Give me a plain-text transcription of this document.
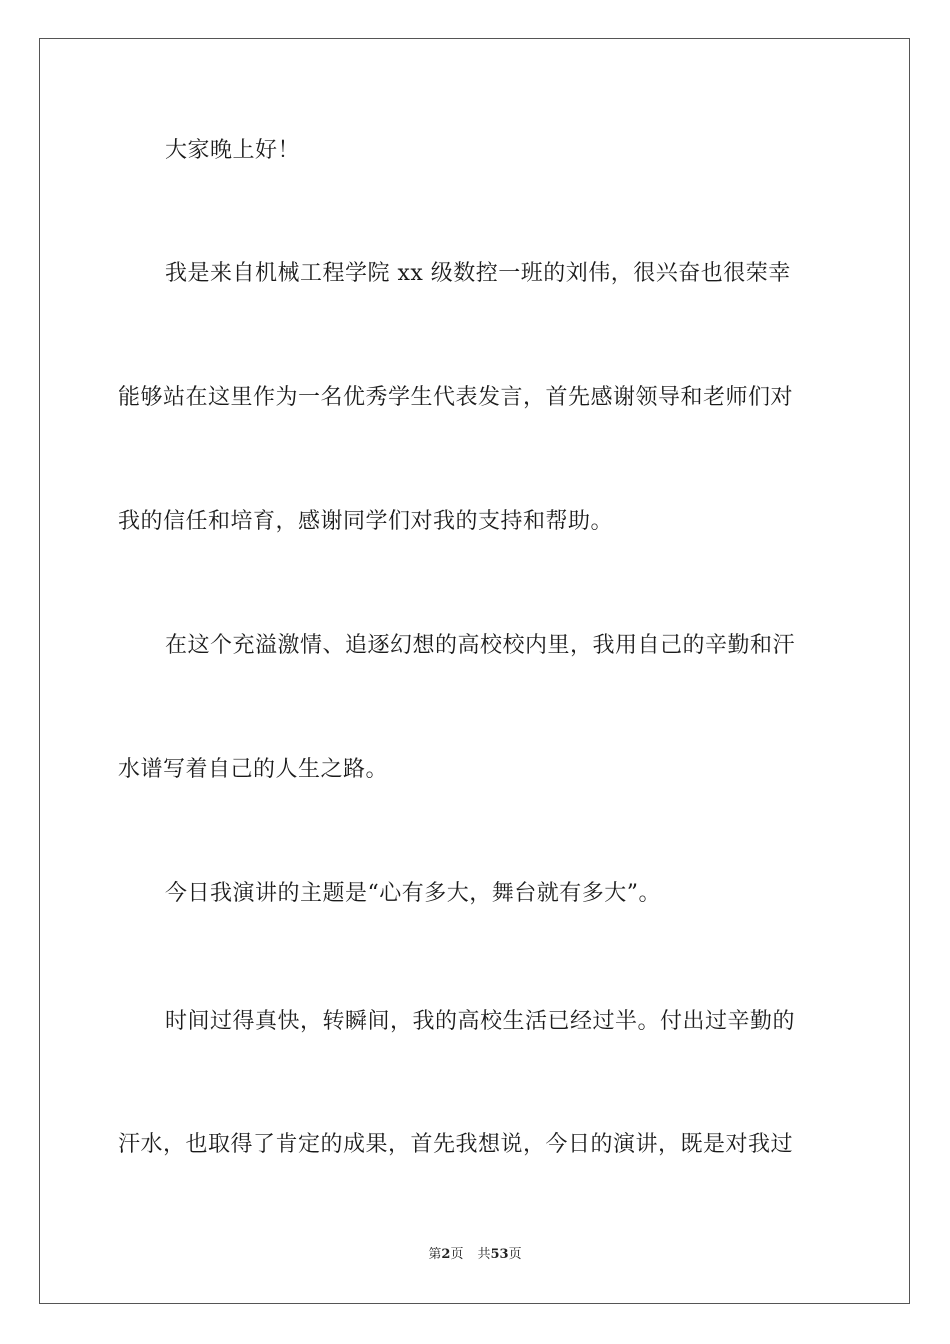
大家晚上好！
我是来自机械工程学院 xx 级数控一班的刘伟，很兴奋也很荣幸
能够站在这里作为一名优秀学生代表发言，首先感谢领导和老师们对
我的信任和培育，感谢同学们对我的支持和帮助。
在这个充溢激情、追逐幻想的高校校内里，我用自己的辛勤和汗
水谱写着自己的人生之路。
今日我演讲的主题是“心有多大，舞台就有多大”。
时间过得真快，转瞬间，我的高校生活已经过半。付出过辛勤的
汗水，也取得了肯定的成果，首先我想说，今日的演讲，既是对我过
第2页 共53页
